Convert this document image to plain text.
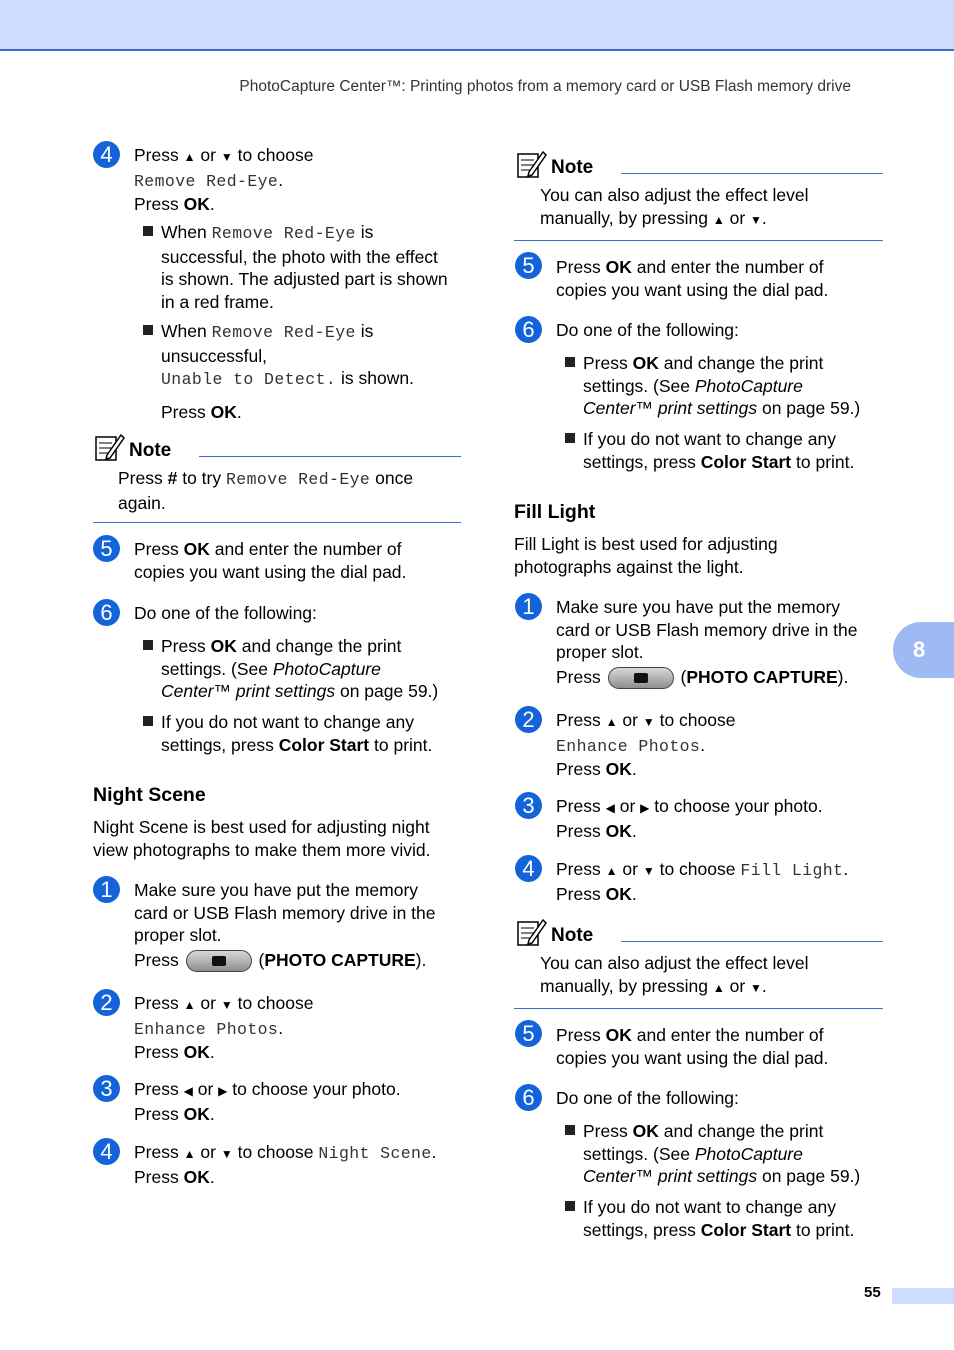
PhotoCapture Center™: Printing photos from a memory card or USB Flash memory drive
4	Press ▲ or ▼ to choose
Remove Red-Eye.
Press OK.
When Remove Red-Eye is
successful, the photo with the effect
is shown. The adjusted part is shown
in a red frame.
When Remove Red-Eye is
unsuccessful,
Unable to Detect. is shown.
Press OK.
Note
Press # to try Remove Red-Eye once
again.
5	Press OK and enter the number of
copies you want using the dial pad.
6	Do one of the following:
Press OK and change the print
settings. (See PhotoCapture
Center™ print settings on page 59.)
If you do not want to change any
settings, press Color Start to print.
Night Scene
Night Scene is best used for adjusting night
view photographs to make them more vivid.
1	Make sure you have put the memory
card or USB Flash memory drive in the
proper slot.
Press	(PHOTO CAPTURE).
2	Press ▲ or ▼ to choose
Enhance Photos.
Press OK.
3	Press ◀ or ▶ to choose your photo.
Press OK.
4	Press ▲ or ▼ to choose Night Scene.
Press OK.
Note
You can also adjust the effect level
manually, by pressing ▲ or ▼.
5	Press OK and enter the number of
copies you want using the dial pad.
6	Do one of the following:
Press OK and change the print
settings. (See PhotoCapture
Center™ print settings on page 59.)
If you do not want to change any
settings, press Color Start to print.
Fill Light
Fill Light is best used for adjusting
photographs against the light.
1	Make sure you have put the memory
card or USB Flash memory drive in the
proper slot.
Press	(PHOTO CAPTURE).
2	Press ▲ or ▼ to choose
Enhance Photos.
Press OK.
3	Press ◀ or ▶ to choose your photo.
Press OK.
4	Press ▲ or ▼ to choose Fill Light.
Press OK.
Note
You can also adjust the effect level
manually, by pressing ▲ or ▼.
5	Press OK and enter the number of
copies you want using the dial pad.
6	Do one of the following:
Press OK and change the print
settings. (See PhotoCapture
Center™ print settings on page 59.)
If you do not want to change any
settings, press Color Start to print.
8
55
